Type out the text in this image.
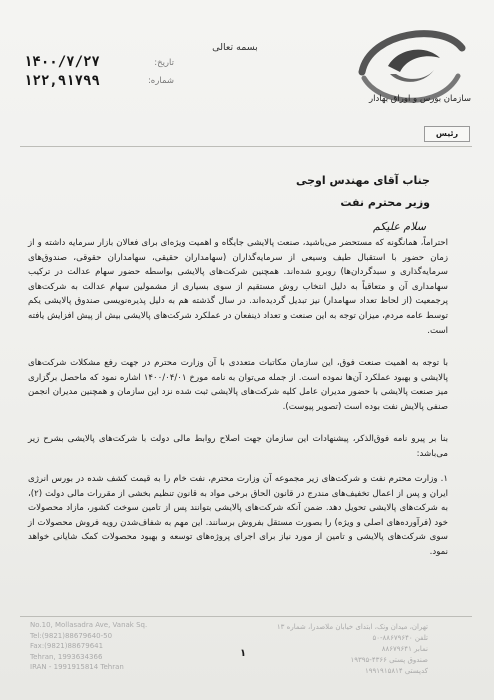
سازمان بورس و اوراق بهادار
بسمه تعالی
تاریخ:
۱۴۰۰/۷/۲۷
شماره:
۱۲۲,۹۱۷۹۹
رئیس
جناب آقای مهندس اوجی
وزیر محترم نفت
سلام علیکم

احتراماً، همانگونه که مستحضر می‌باشید، صنعت پالایشی جایگاه و اهمیت ویژه‌ای برای فعالان بازار سرمایه داشته و از زمان حضور با استقبال طیف وسیعی از سرمایه‌گذاران (سهامداران حقیقی، سهامداران حقوقی، صندوق‌های سرمایه‌گذاری و سبدگردان‌ها) روبرو شده‌اند. همچنین شرکت‌های پالایشی بواسطه حضور سهام عدالت در ترکیب سهامداری آن و متعاقباً به دلیل انتخاب روش مستقیم از سوی بسیاری از مشمولین سهام عدالت به شرکت‌های پرجمعیت (از لحاظ تعداد سهامدار) نیز تبدیل گردیده‌اند. در سال گذشته هم به دلیل پذیره‌نویسی صندوق پالایشی یکم توسط عامه مردم، میزان توجه به این صنعت و تعداد ذینفعان در عملکرد شرکت‌های پالایشی بیش از پیش افزایش یافته است.

با توجه به اهمیت صنعت فوق، این سازمان مکاتبات متعددی با آن وزارت محترم در جهت رفع مشکلات شرکت‌های پالایشی و بهبود عملکرد آن‌ها نموده است. از جمله می‌توان به نامه مورخ ۱۴۰۰/۰۴/۰۱ اشاره نمود که ماحصل برگزاری میز صنعت پالایشی با حضور مدیران عامل کلیه شرکت‌های پالایشی ثبت شده نزد این سازمان و همچنین مدیران انجمن صنفی پالایش نفت بوده است (تصویر پیوست).

بنا بر پیرو نامه فوق‌الذکر، پیشنهادات این سازمان جهت اصلاح روابط مالی دولت با شرکت‌های پالایشی بشرح زیر می‌باشد:

۱. وزارت محترم نفت و شرکت‌های زیر مجموعه آن وزارت محترم، نفت خام را به قیمت کشف شده در بورس انرژی ایران و پس از اعمال تخفیف‌های مندرج در قانون الحاق برخی مواد به قانون تنظیم بخشی از مقررات مالی دولت (۲)، به شرکت‌های پالایشی تحویل دهد. ضمن آنکه شرکت‌های پالایشی بتوانند پس از تامین سوخت کشور، مازاد محصولات خود (فرآورده‌های اصلی و ویژه) را بصورت مستقل بفروش برسانند. این مهم به شفاف‌شدن رویه فروش محصولات از سوی شرکت‌های پالایشی و تامین از مورد نیاز برای اجرای پروژه‌های توسعه و بهبود محصولات کمک شایانی خواهد نمود.

No.10, Mollasadra Ave, Vanak Sq.
Tel:(9821)88679640-50
Fax:(9821)88679641
Tehran, 1993634366
IRAN - 1991915814 Tehran
تهران، میدان ونک، ابتدای خیابان ملاصدرا، شماره ۱۳
تلفن ۸۸۶۷۹۶۴۰-۵۰
نمابر ۸۸۶۷۹۶۴۱
صندوق پستی ۴۳۶۶-۱۹۳۹۵
کدپستی ۱۹۹۱۹۱۵۸۱۴
۱
